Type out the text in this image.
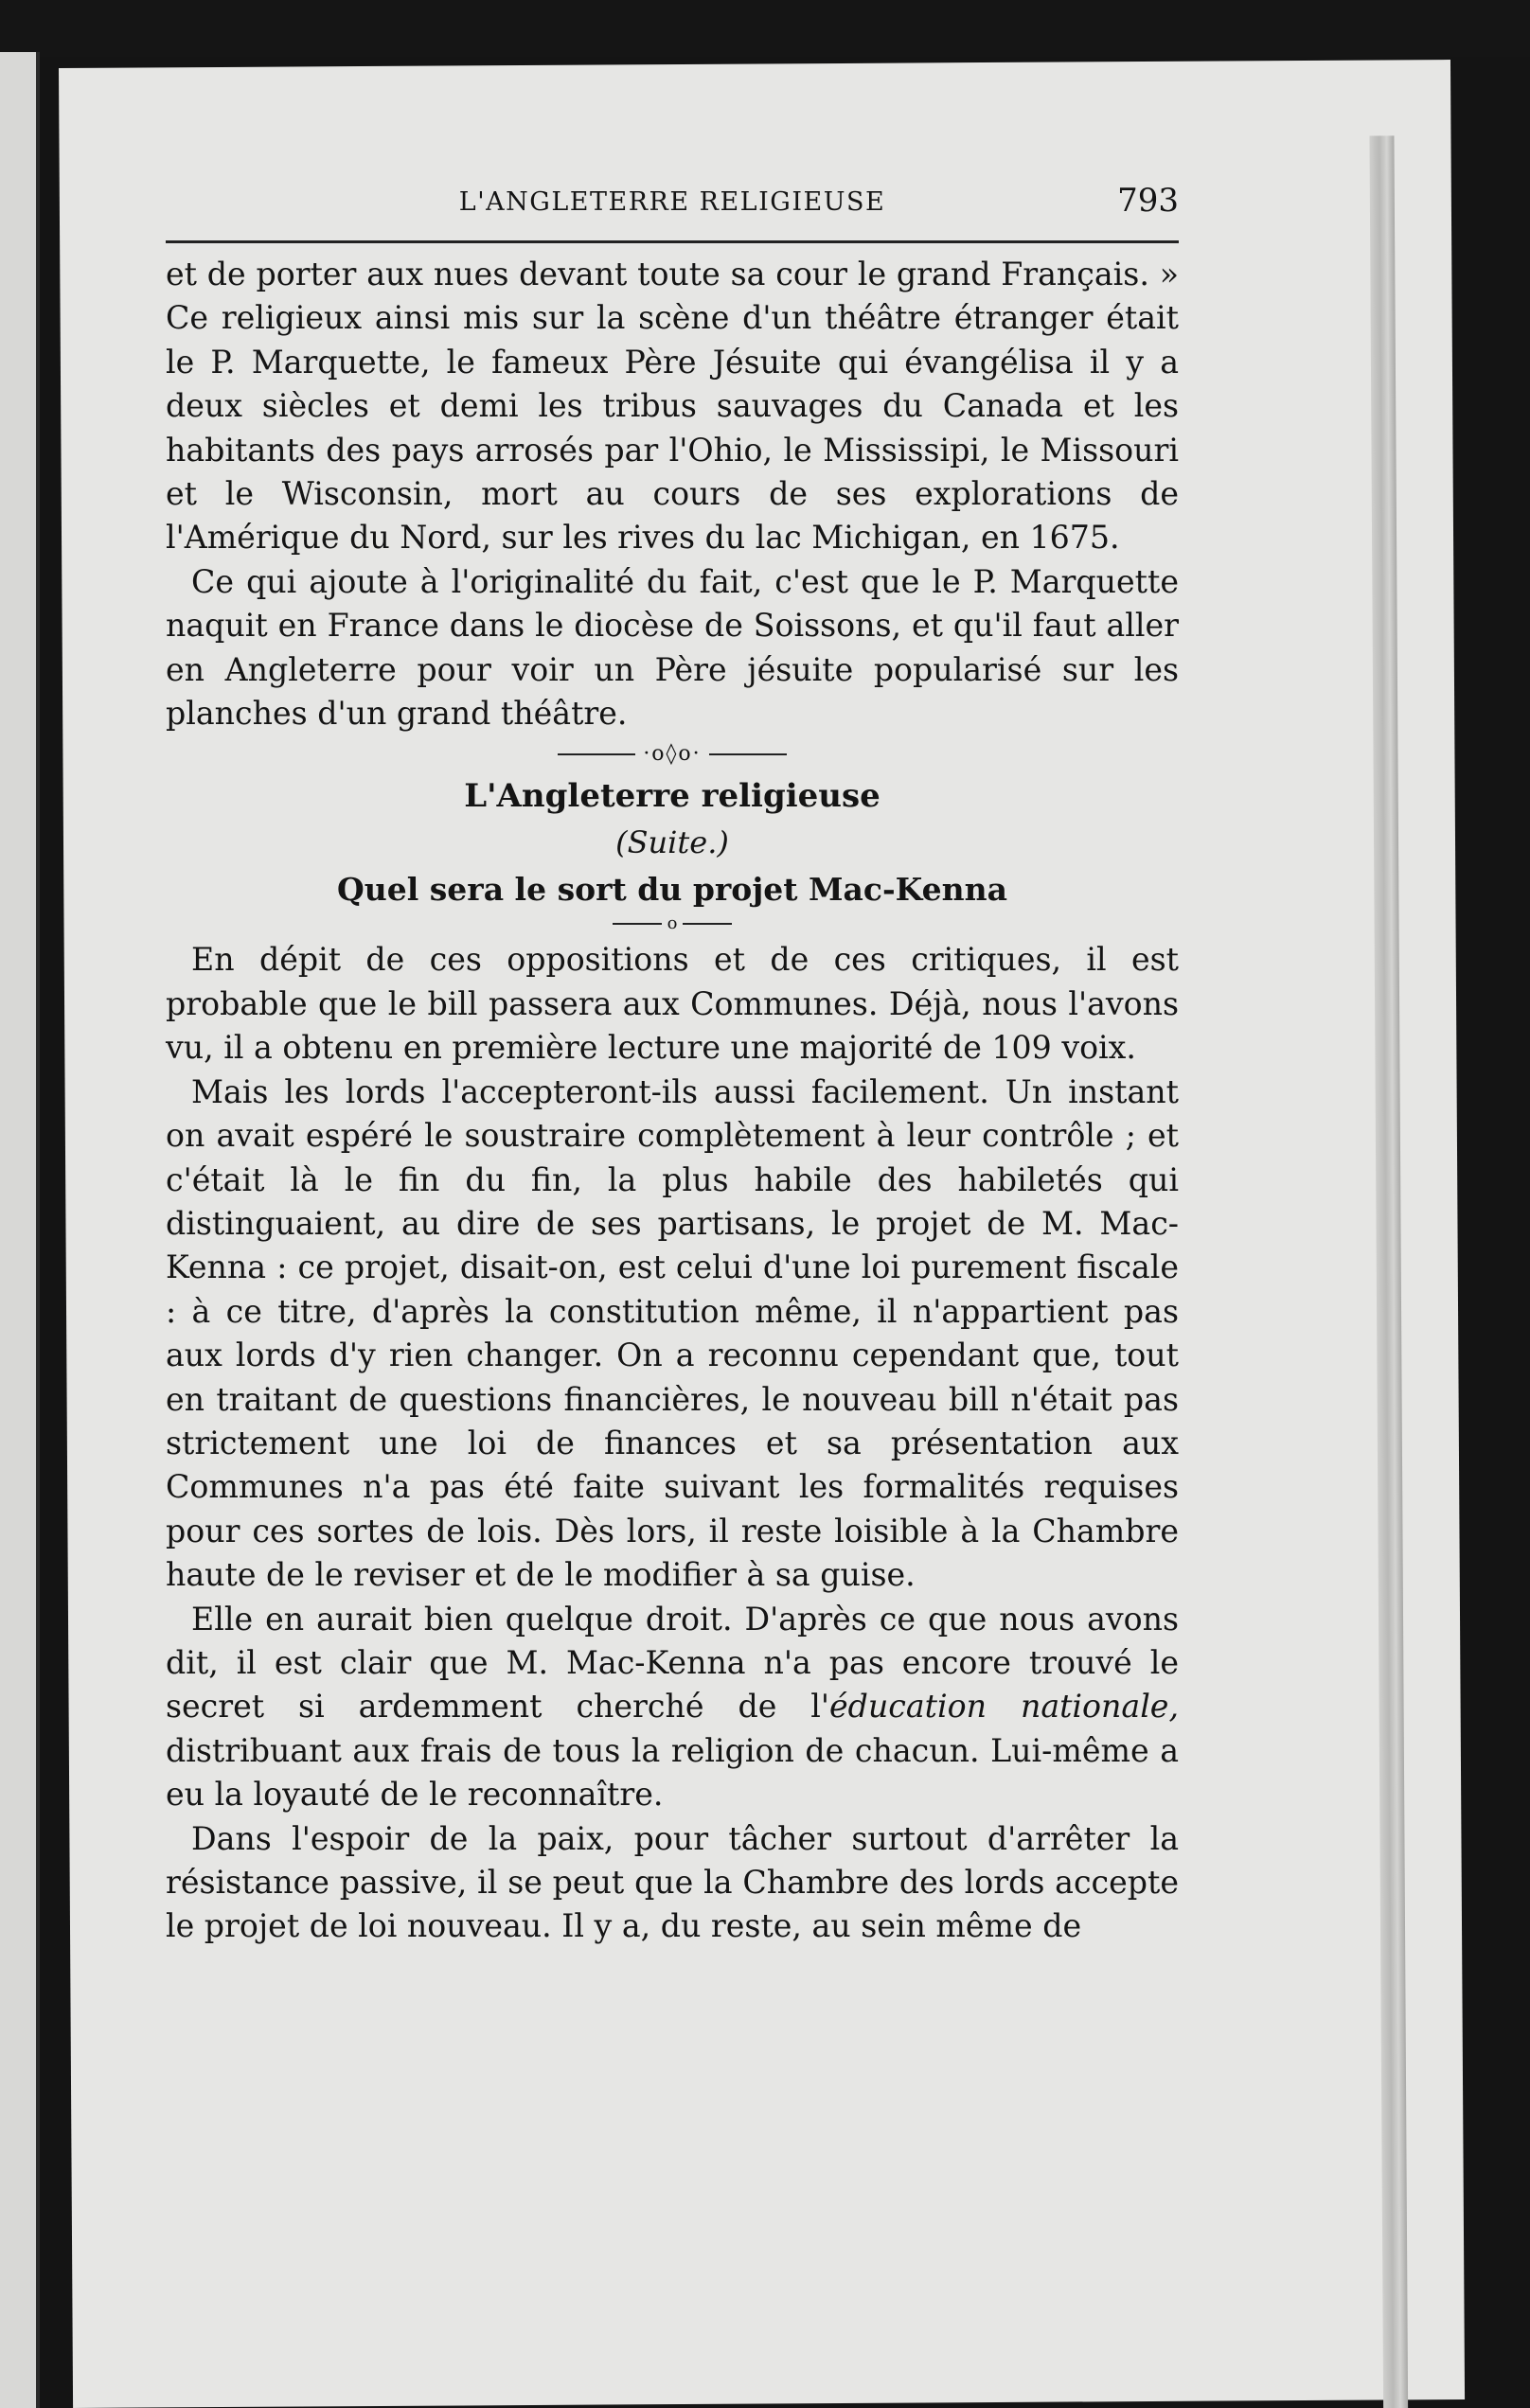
L'ANGLETERRE RELIGIEUSE	793

et de porter aux nues devant toute sa cour le grand Français. » Ce religieux ainsi mis sur la scène d'un théâtre étranger était le P. Marquette, le fameux Père Jésuite qui évangélisa il y a deux siècles et demi les tribus sauvages du Canada et les habitants des pays arrosés par l'Ohio, le Mississipi, le Missouri et le Wisconsin, mort au cours de ses explorations de l'Amérique du Nord, sur les rives du lac Michigan, en 1675.

Ce qui ajoute à l'originalité du fait, c'est que le P. Marquette naquit en France dans le diocèse de Soissons, et qu'il faut aller en Angleterre pour voir un Père jésuite popularisé sur les planches d'un grand théâtre.

·ο◊ο·
L'Angleterre religieuse
(Suite.)
Quel sera le sort du projet Mac-Kenna
o

En dépit de ces oppositions et de ces critiques, il est probable que le bill passera aux Communes. Déjà, nous l'avons vu, il a obtenu en première lecture une majorité de 109 voix.

Mais les lords l'accepteront-ils aussi facilement. Un instant on avait espéré le soustraire complètement à leur contrôle ; et c'était là le fin du fin, la plus habile des habiletés qui distinguaient, au dire de ses partisans, le projet de M. Mac-Kenna : ce projet, disait-on, est celui d'une loi purement fiscale : à ce titre, d'après la constitution même, il n'appartient pas aux lords d'y rien changer. On a reconnu cependant que, tout en traitant de questions financières, le nouveau bill n'était pas strictement une loi de finances et sa présentation aux Communes n'a pas été faite suivant les formalités requises pour ces sortes de lois. Dès lors, il reste loisible à la Chambre haute de le reviser et de le modifier à sa guise.

Elle en aurait bien quelque droit. D'après ce que nous avons dit, il est clair que M. Mac-Kenna n'a pas encore trouvé le secret si ardemment cherché de l'éducation nationale, distribuant aux frais de tous la religion de chacun. Lui-même a eu la loyauté de le reconnaître.

Dans l'espoir de la paix, pour tâcher surtout d'arrêter la résistance passive, il se peut que la Chambre des lords accepte le projet de loi nouveau. Il y a, du reste, au sein même de
